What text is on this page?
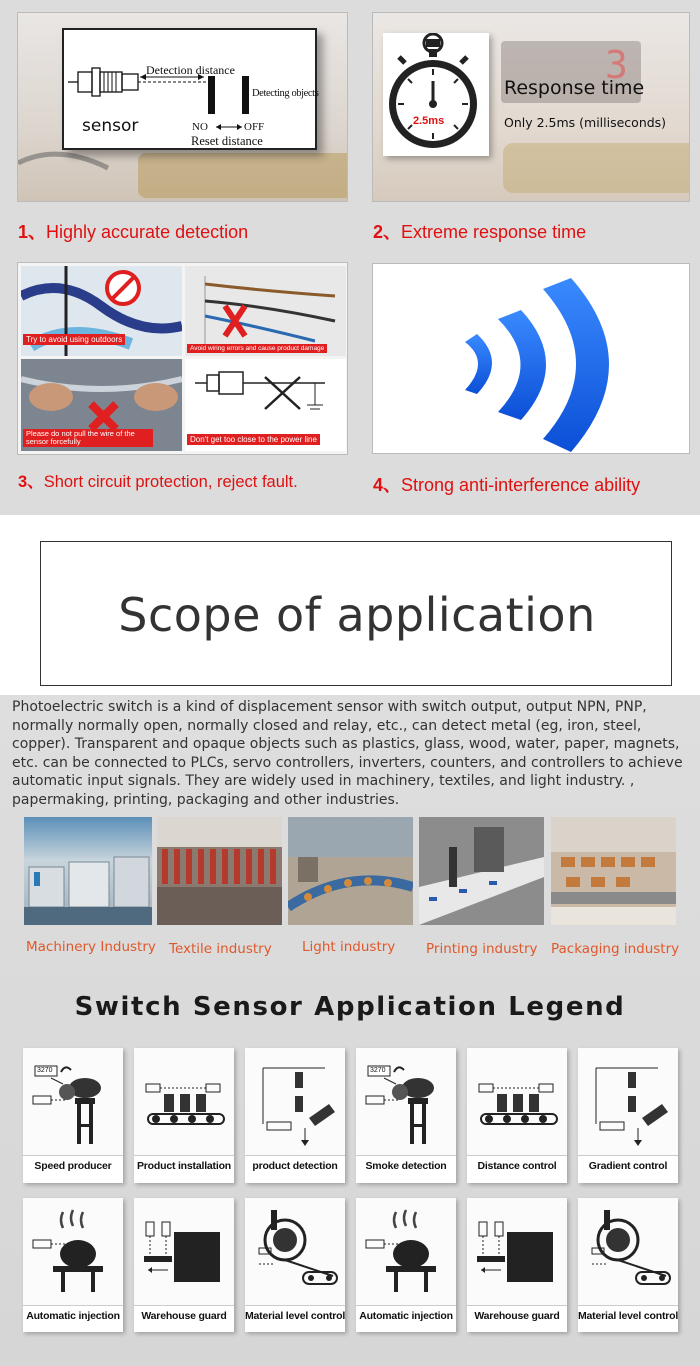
Detection distance
Detecting objects
sensor	NO	OFF
Reset distance
1、Highly accurate detection
3
2.5ms
Response time
Only 2.5ms (milliseconds)
2、Extreme response time
Try to avoid using outdoors
Avoid wiring errors and cause product damage
Please do not pull the wire of the sensor forcefully	Don't get too close to the power line
3、Short circuit protection, reject fault.	4、Strong anti-interference ability
Scope of application

Photoelectric switch is a kind of displacement sensor with switch output, output NPN, PNP, normally normally open, normally closed and relay, etc., can detect metal (eg, iron, steel, copper). Transparent and opaque objects such as plastics, glass, wood, water, paper, magnets, etc. can be connected to PLCs, servo controllers, inverters, counters, and controllers to achieve automatic input signals. They are widely used in machinery, textiles, and light industry. , papermaking, printing, packaging and other industries.

Machinery Industry Textile industry Light industry Printing industry Packaging industry
Switch Sensor Application Legend
3270
Speed producer	Product installation	product detection
3270
Smoke detection	Distance control	Gradient control
Automatic injection	Warehouse guard	Material level control	Automatic injection	Warehouse guard	Material level control
